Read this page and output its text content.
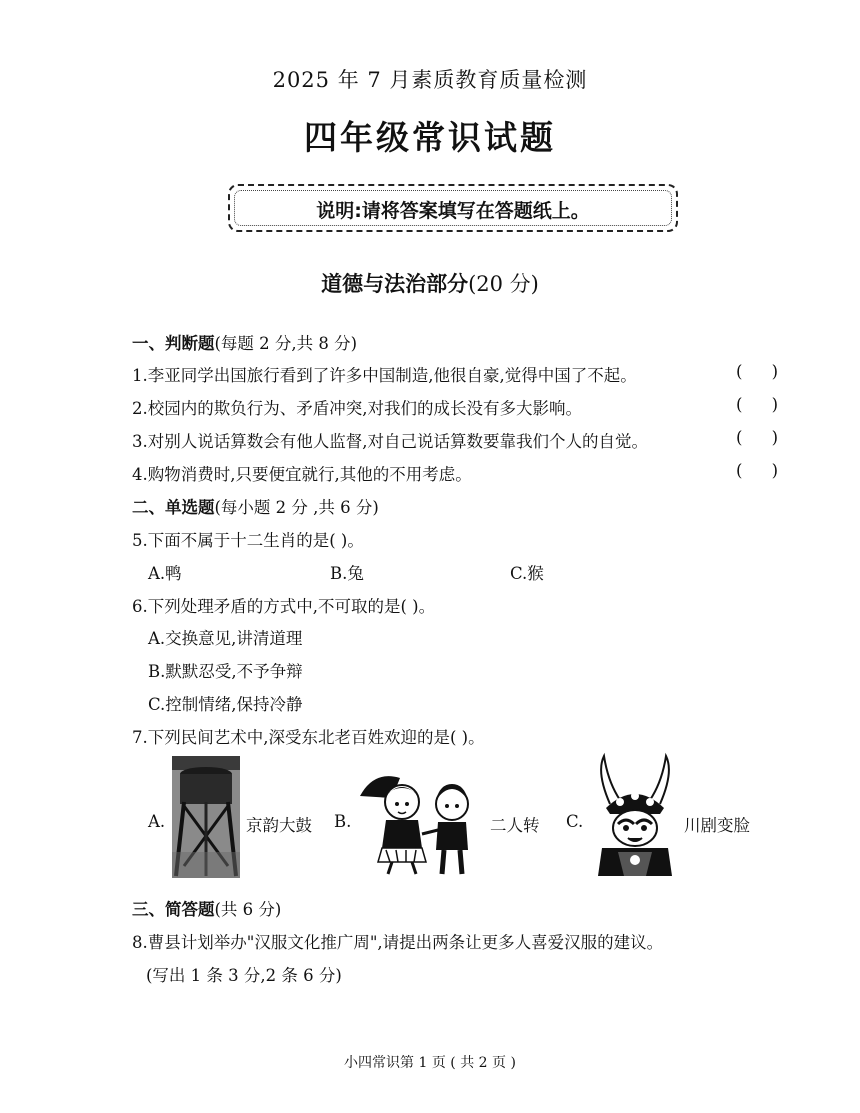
2025 年 7 月素质教育质量检测
四年级常识试题
说明:请将答案填写在答题纸上。
道德与法治部分(20 分)
一、判断题(每题 2 分,共 8 分)
1.李亚同学出国旅行看到了许多中国制造,他很自豪,觉得中国了不起。	( )
2.校园内的欺负行为、矛盾冲突,对我们的成长没有多大影响。	( )
3.对别人说话算数会有他人监督,对自己说话算数要靠我们个人的自觉。	( )
4.购物消费时,只要便宜就行,其他的不用考虑。	( )
二、单选题(每小题 2 分 ,共 6 分)
5.下面不属于十二生肖的是( )。
A.鸭	B.兔	C.猴
6.下列处理矛盾的方式中,不可取的是( )。
A.交换意见,讲清道理
B.默默忍受,不予争辩
C.控制情绪,保持冷静
7.下列民间艺术中,深受东北老百姓欢迎的是( )。
A.	京韵大鼓 B.	二人转 C.	川剧变脸
三、简答题(共 6 分)
8.曹县计划举办"汉服文化推广周",请提出两条让更多人喜爱汉服的建议。
(写出 1 条 3 分,2 条 6 分)
小四常识第 1 页 ( 共 2 页 )
